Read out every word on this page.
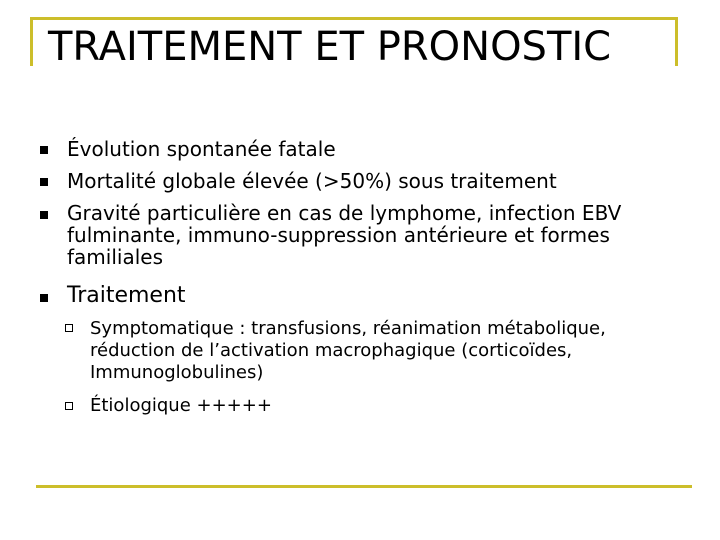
TRAITEMENT ET PRONOSTIC
Évolution spontanée fatale
Mortalité globale élevée (>50%) sous traitement
Gravité particulière en cas de lymphome, infection EBV fulminante, immuno-suppression antérieure et formes familiales
Traitement
Symptomatique : transfusions, réanimation métabolique, réduction de l’activation macrophagique (corticoïdes, Immunoglobulines)
Étiologique +++++
